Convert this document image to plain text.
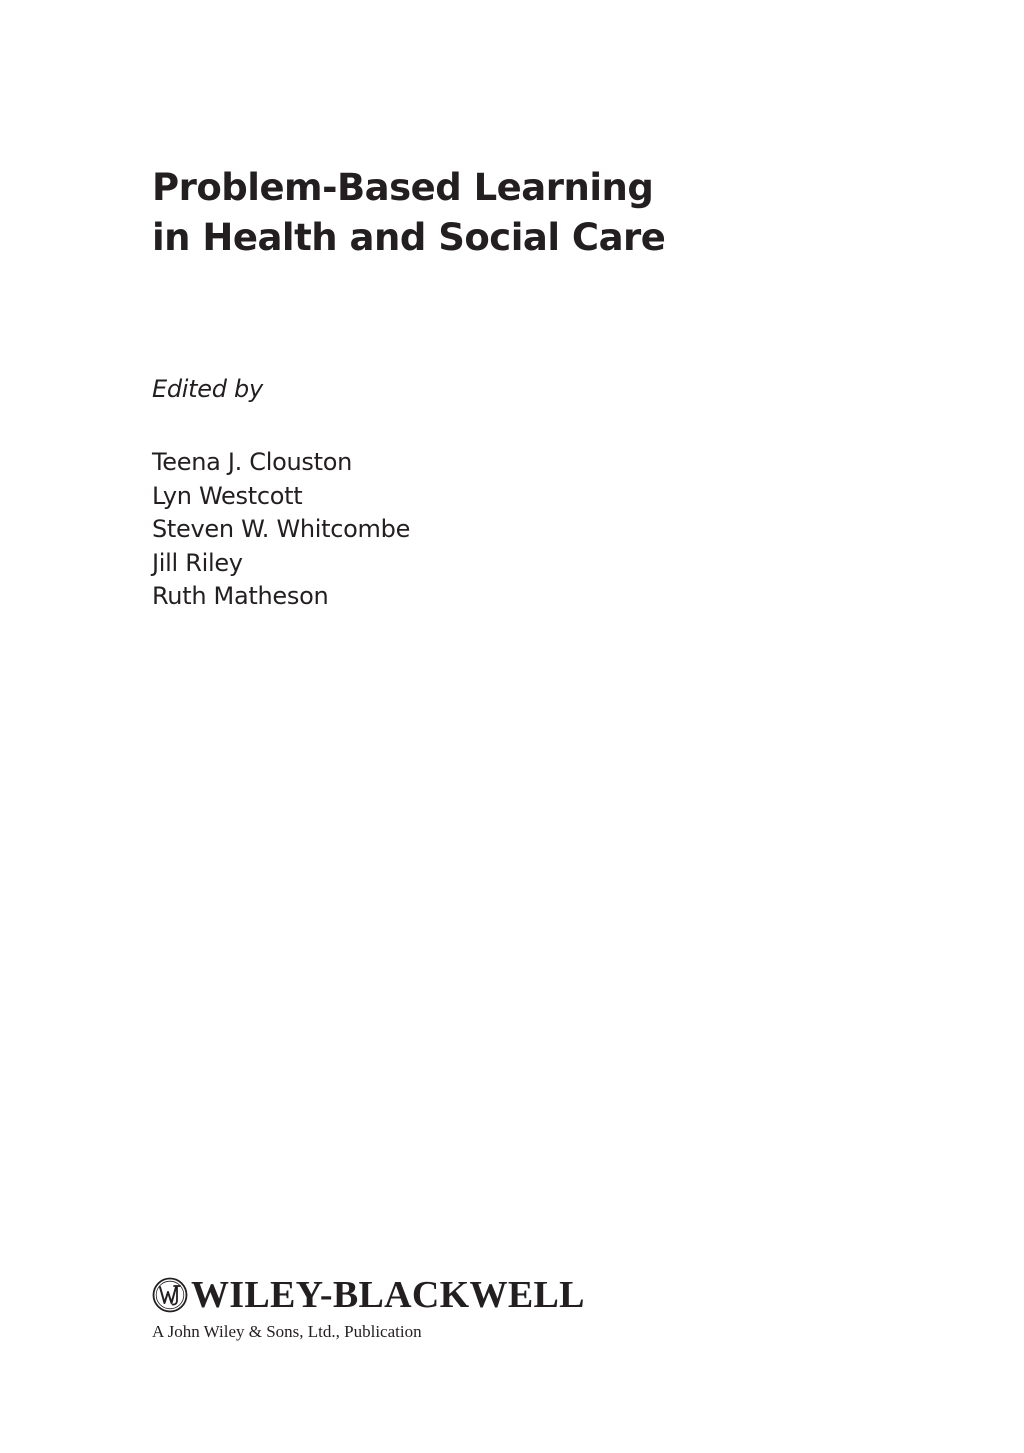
Problem-Based Learning
in Health and Social Care

Edited by

Teena J. Clouston
Lyn Westcott
Steven W. Whitcombe
Jill Riley
Ruth Matheson
WILEY-BLACKWELL
A John Wiley & Sons, Ltd., Publication
